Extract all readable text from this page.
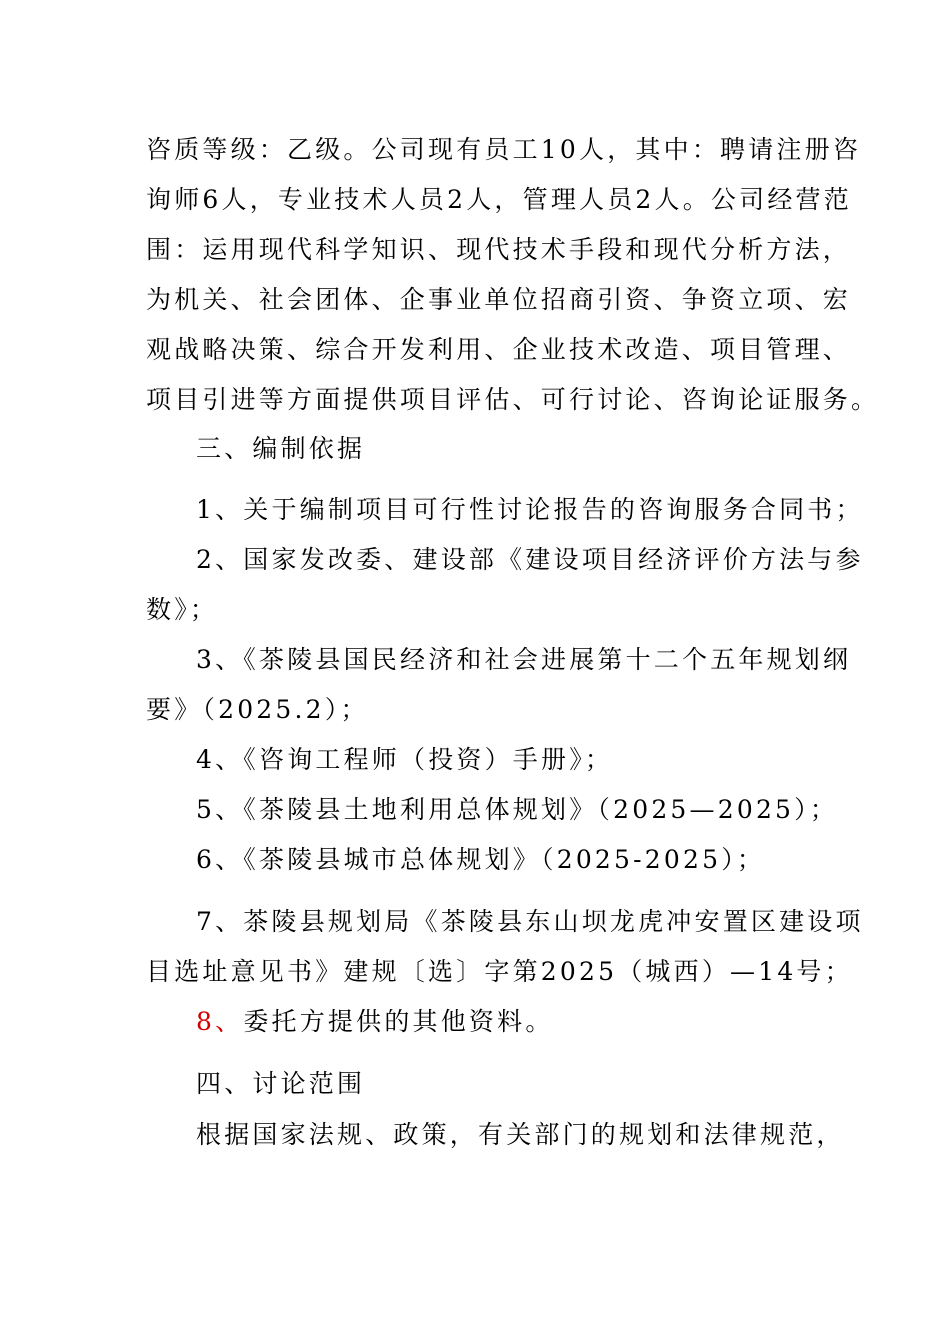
咨质等级：乙级。公司现有员工10人，其中：聘请注册咨
询师6人，专业技术人员2人，管理人员2人。公司经营范
围：运用现代科学知识、现代技术手段和现代分析方法，
为机关、社会团体、企事业单位招商引资、争资立项、宏
观战略决策、综合开发利用、企业技术改造、项目管理、
项目引进等方面提供项目评估、可行讨论、咨询论证服务。
三、编制依据
1、关于编制项目可行性讨论报告的咨询服务合同书；
2、国家发改委、建设部《建设项目经济评价方法与参
数》；
3、《茶陵县国民经济和社会进展第十二个五年规划纲
要》（2025.2）；
4、《咨询工程师（投资）手册》；
5、《茶陵县土地利用总体规划》（2025—2025）；
6、《茶陵县城市总体规划》（2025-2025）；
7、茶陵县规划局《茶陵县东山坝龙虎冲安置区建设项
目选址意见书》建规〔选〕字第2025（城西）—14号；
8、委托方提供的其他资料。
四、讨论范围
根据国家法规、政策，有关部门的规划和法律规范，
